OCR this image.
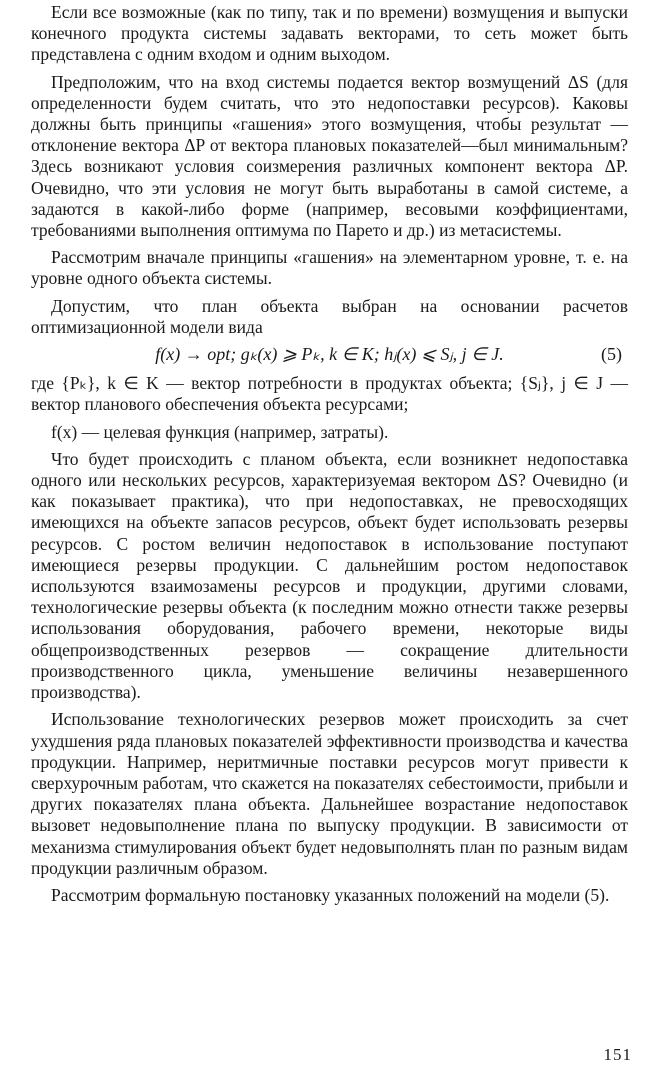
Если все возможные (как по типу, так и по времени) возмущения и выпуски конечного продукта системы задавать векторами, то сеть может быть представлена с одним входом и одним выходом.

Предположим, что на вход системы подается вектор возмущений ΔS (для определенности будем считать, что это недопоставки ресурсов). Каковы должны быть принципы «гашения» этого возмущения, чтобы результат — отклонение вектора ΔP от вектора плановых показателей—был минимальным? Здесь возникают условия соизмерения различных компонент вектора ΔP. Очевидно, что эти условия не могут быть выработаны в самой системе, а задаются в какой-либо форме (например, весовыми коэффициентами, требованиями выполнения оптимума по Парето и др.) из метасистемы.

Рассмотрим вначале принципы «гашения» на элементарном уровне, т. е. на уровне одного объекта системы.

Допустим, что план объекта выбран на основании расчетов оптимизационной модели вида

f(x) → opt; gₖ(x) ⩾ Pₖ, k ∈ K; hⱼ(x) ⩽ Sⱼ, j ∈ J.	(5)

где {Pₖ}, k ∈ K — вектор потребности в продуктах объекта; {Sⱼ}, j ∈ J — вектор планового обеспечения объекта ресурсами;

f(x) — целевая функция (например, затраты).

Что будет происходить с планом объекта, если возникнет недопоставка одного или нескольких ресурсов, характеризуемая вектором ΔS? Очевидно (и как показывает практика), что при недопоставках, не превосходящих имеющихся на объекте запасов ресурсов, объект будет использовать резервы ресурсов. С ростом величин недопоставок в использование поступают имеющиеся резервы продукции. С дальнейшим ростом недопоставок используются взаимозамены ресурсов и продукции, другими словами, технологические резервы объекта (к последним можно отнести также резервы использования оборудования, рабочего времени, некоторые виды общепроизводственных резервов — сокращение длительности производственного цикла, уменьшение величины незавершенного производства).

Использование технологических резервов может происходить за счет ухудшения ряда плановых показателей эффективности производства и качества продукции. Например, неритмичные поставки ресурсов могут привести к сверхурочным работам, что скажется на показателях себестоимости, прибыли и других показателях плана объекта. Дальнейшее возрастание недопоставок вызовет недовыполнение плана по выпуску продукции. В зависимости от механизма стимулирования объект будет недовыполнять план по разным видам продукции различным образом.

Рассмотрим формальную постановку указанных положений на модели (5).

151
